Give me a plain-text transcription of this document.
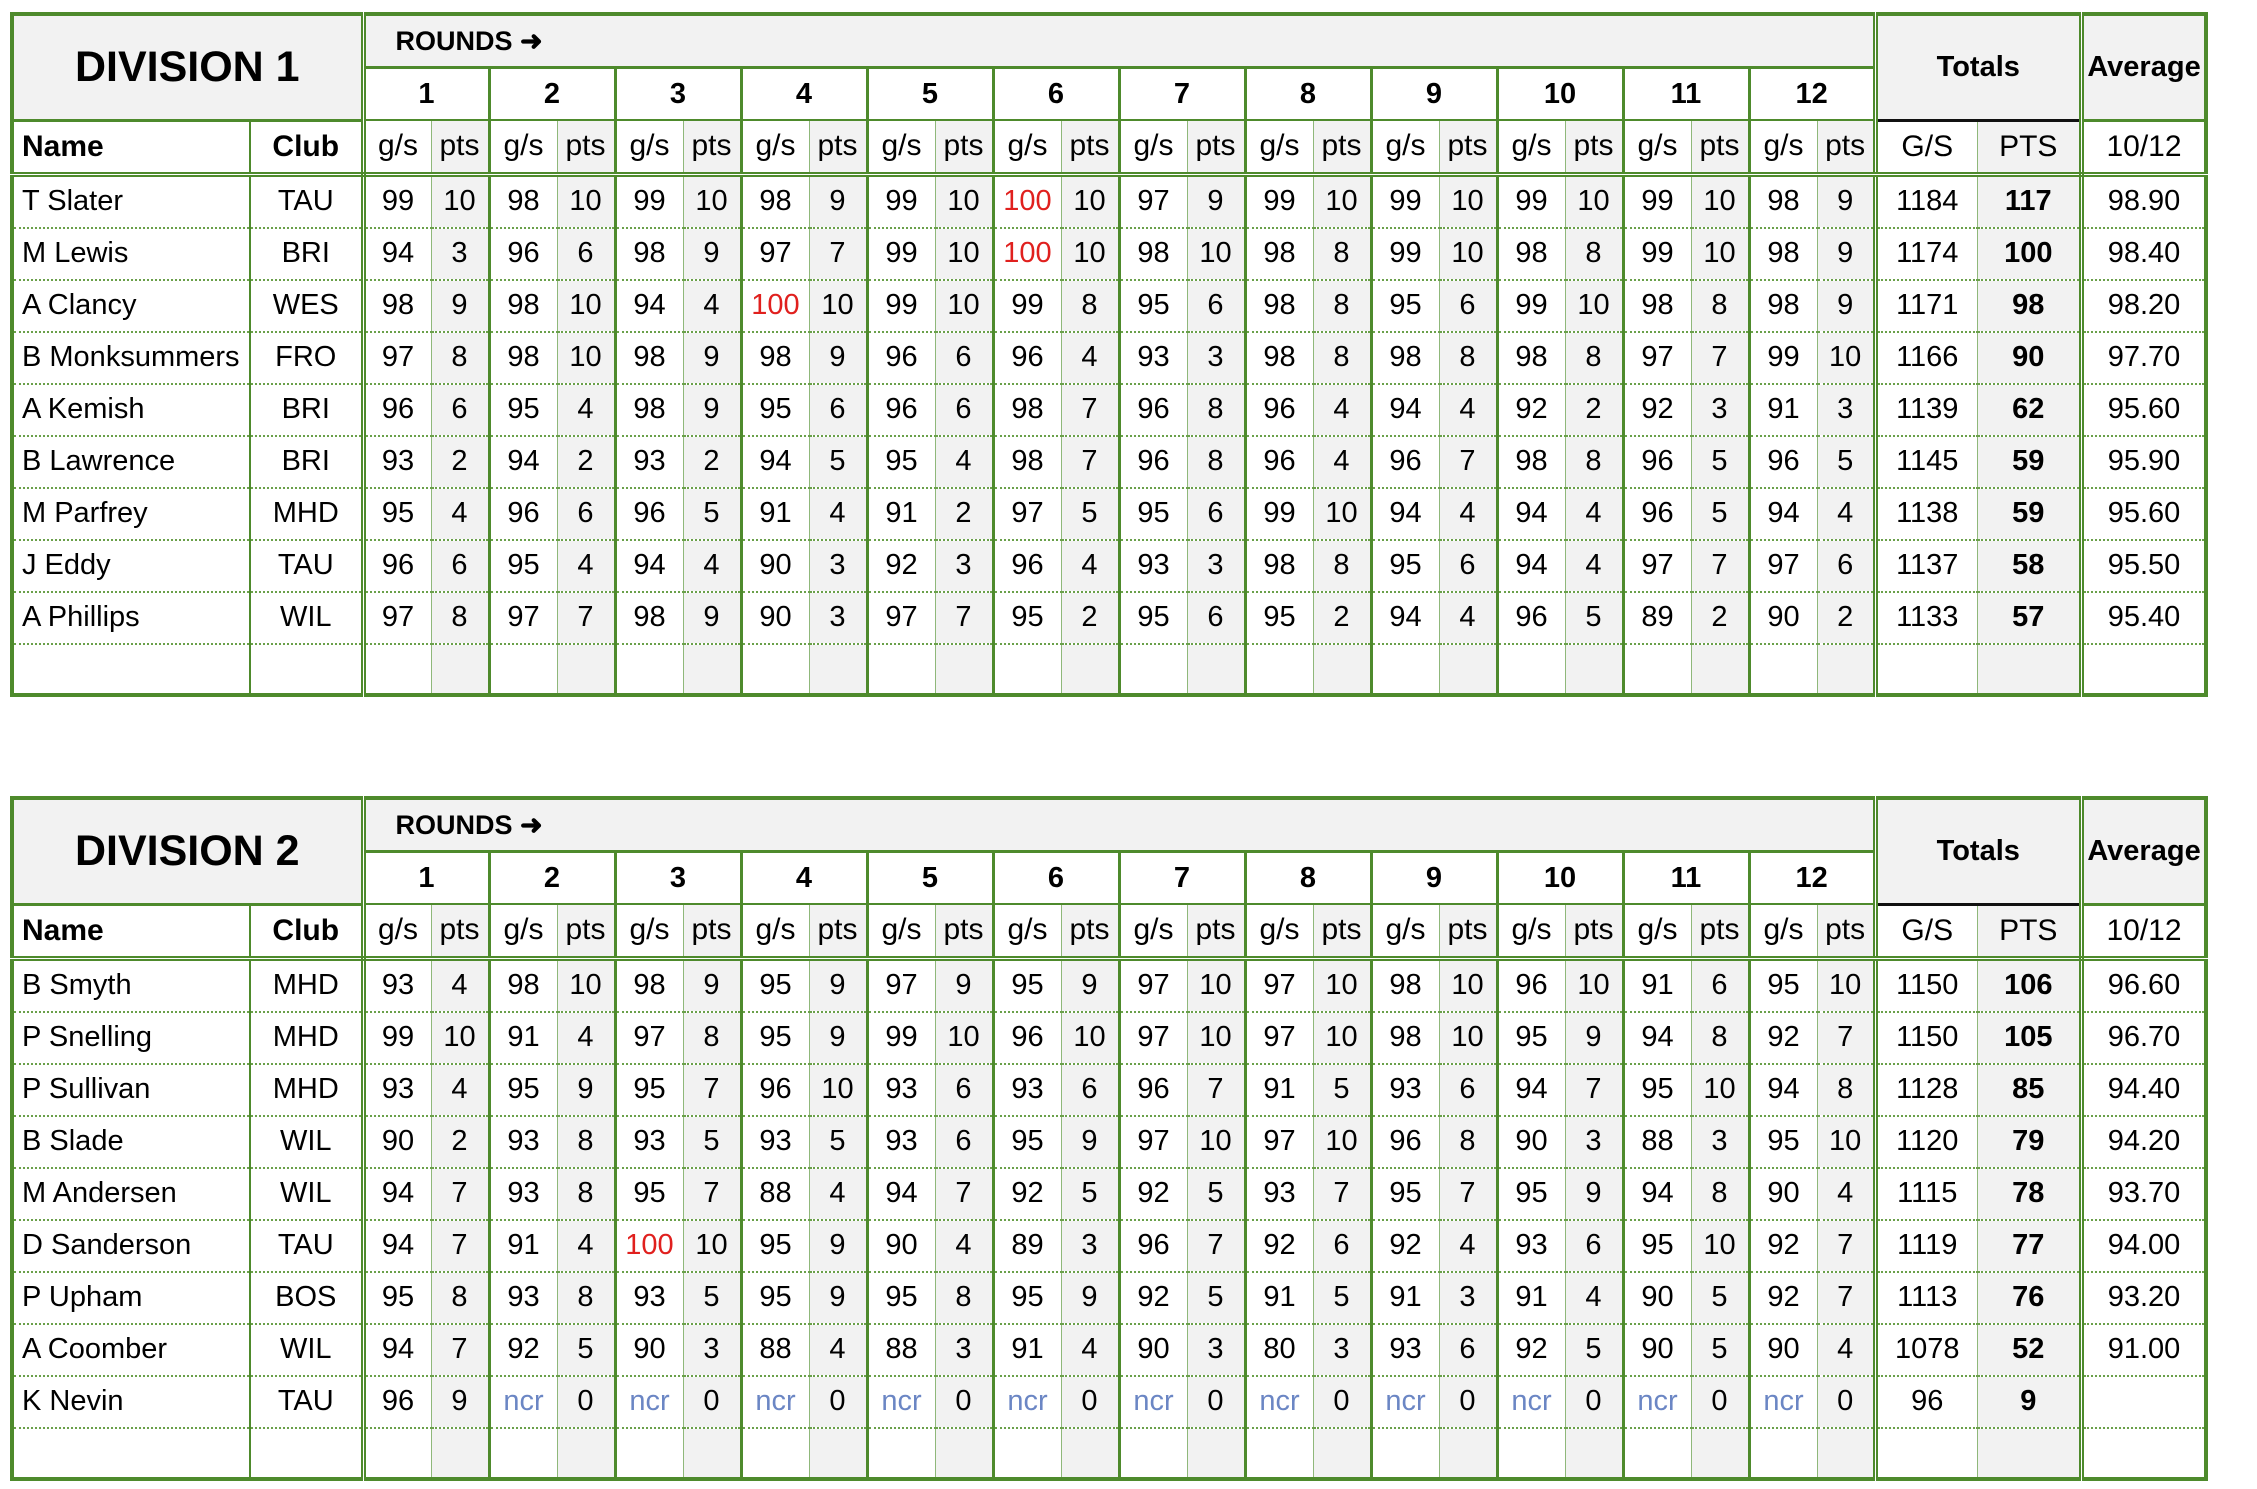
DIVISION 1		ROUNDS ➜																								Totals		Average
		1		2		3		4		5		6		7		8		9		10		11		12				
Name	Club	g/s	pts	g/s	pts	g/s	pts	g/s	pts	g/s	pts	g/s	pts	g/s	pts	g/s	pts	g/s	pts	g/s	pts	g/s	pts	g/s	pts	G/S	PTS	10/12
T Slater	TAU	99	10	98	10	99	10	98	9	99	10	100	10	97	9	99	10	99	10	99	10	99	10	98	9	1184	117	98.90
M Lewis	BRI	94	3	96	6	98	9	97	7	99	10	100	10	98	10	98	8	99	10	98	8	99	10	98	9	1174	100	98.40
A Clancy	WES	98	9	98	10	94	4	100	10	99	10	99	8	95	6	98	8	95	6	99	10	98	8	98	9	1171	98	98.20
B Monksummers	FRO	97	8	98	10	98	9	98	9	96	6	96	4	93	3	98	8	98	8	98	8	97	7	99	10	1166	90	97.70
A Kemish	BRI	96	6	95	4	98	9	95	6	96	6	98	7	96	8	96	4	94	4	92	2	92	3	91	3	1139	62	95.60
B Lawrence	BRI	93	2	94	2	93	2	94	5	95	4	98	7	96	8	96	4	96	7	98	8	96	5	96	5	1145	59	95.90
M Parfrey	MHD	95	4	96	6	96	5	91	4	91	2	97	5	95	6	99	10	94	4	94	4	96	5	94	4	1138	59	95.60
J Eddy	TAU	96	6	95	4	94	4	90	3	92	3	96	4	93	3	98	8	95	6	94	4	97	7	97	6	1137	58	95.50
A Phillips	WIL	97	8	97	7	98	9	90	3	97	7	95	2	95	6	95	2	94	4	96	5	89	2	90	2	1133	57	95.40

DIVISION 2		ROUNDS ➜																								Totals		Average
		1		2		3		4		5		6		7		8		9		10		11		12				
Name	Club	g/s	pts	g/s	pts	g/s	pts	g/s	pts	g/s	pts	g/s	pts	g/s	pts	g/s	pts	g/s	pts	g/s	pts	g/s	pts	g/s	pts	G/S	PTS	10/12
B Smyth	MHD	93	4	98	10	98	9	95	9	97	9	95	9	97	10	97	10	98	10	96	10	91	6	95	10	1150	106	96.60
P Snelling	MHD	99	10	91	4	97	8	95	9	99	10	96	10	97	10	97	10	98	10	95	9	94	8	92	7	1150	105	96.70
P Sullivan	MHD	93	4	95	9	95	7	96	10	93	6	93	6	96	7	91	5	93	6	94	7	95	10	94	8	1128	85	94.40
B Slade	WIL	90	2	93	8	93	5	93	5	93	6	95	9	97	10	97	10	96	8	90	3	88	3	95	10	1120	79	94.20
M Andersen	WIL	94	7	93	8	95	7	88	4	94	7	92	5	92	5	93	7	95	7	95	9	94	8	90	4	1115	78	93.70
D Sanderson	TAU	94	7	91	4	100	10	95	9	90	4	89	3	96	7	92	6	92	4	93	6	95	10	92	7	1119	77	94.00
P Upham	BOS	95	8	93	8	93	5	95	9	95	8	95	9	92	5	91	5	91	3	91	4	90	5	92	7	1113	76	93.20
A Coomber	WIL	94	7	92	5	90	3	88	4	88	3	91	4	90	3	80	3	93	6	92	5	90	5	90	4	1078	52	91.00
K Nevin	TAU	96	9	ncr	0	ncr	0	ncr	0	ncr	0	ncr	0	ncr	0	ncr	0	ncr	0	ncr	0	ncr	0	ncr	0	96	9	
